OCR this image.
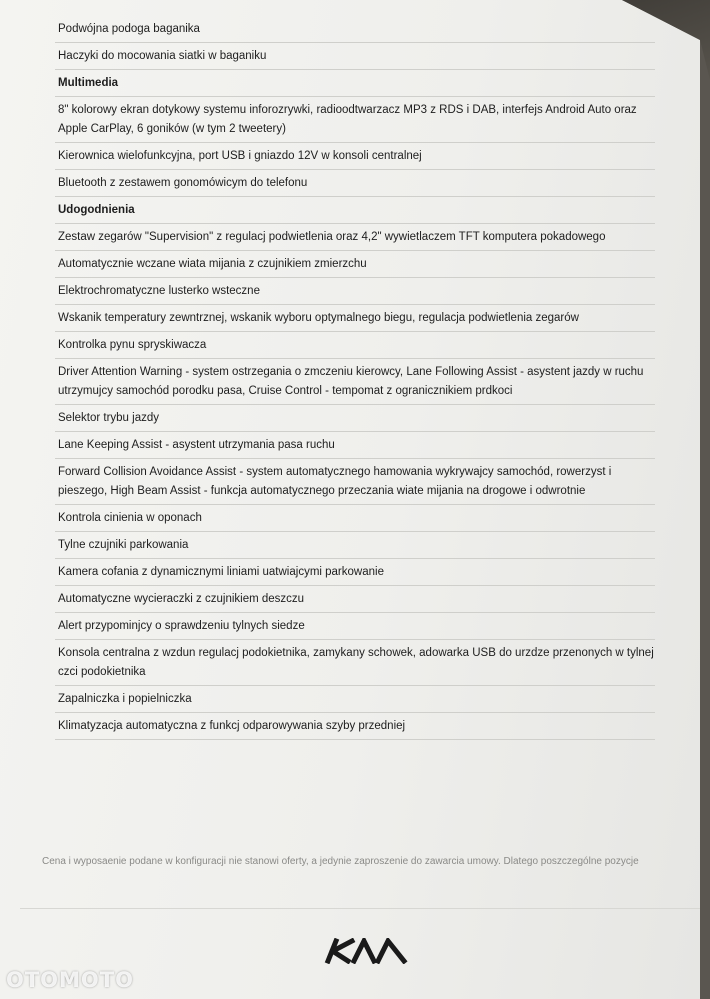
Podwójna podoga baganika
Haczyki do mocowania siatki w baganiku
Multimedia
8" kolorowy ekran dotykowy systemu inforozrywki, radioodtwarzacz MP3 z RDS i DAB, interfejs Android Auto oraz Apple CarPlay, 6 goników (w tym 2 tweetery)
Kierownica wielofunkcyjna, port USB i gniazdo 12V w konsoli centralnej
Bluetooth z zestawem gonomówicym do telefonu
Udogodnienia
Zestaw zegarów "Supervision" z regulacj podwietlenia oraz 4,2" wywietlaczem TFT komputera pokadowego
Automatycznie wczane wiata mijania z czujnikiem zmierzchu
Elektrochromatyczne lusterko wsteczne
Wskanik temperatury zewntrznej, wskanik wyboru optymalnego biegu, regulacja podwietlenia zegarów
Kontrolka pynu spryskiwacza
Driver Attention Warning - system ostrzegania o zmczeniu kierowcy, Lane Following Assist - asystent jazdy w ruchu utrzymujcy samochód porodku pasa, Cruise Control - tempomat z ogranicznikiem prdkoci
Selektor trybu jazdy
Lane Keeping Assist - asystent utrzymania pasa ruchu
Forward Collision Avoidance Assist - system automatycznego hamowania wykrywajcy samochód, rowerzyst i pieszego, High Beam Assist - funkcja automatycznego przeczania wiate mijania na drogowe i odwrotnie
Kontrola cinienia w oponach
Tylne czujniki parkowania
Kamera cofania z dynamicznymi liniami uatwiajcymi parkowanie
Automatyczne wycieraczki z czujnikiem deszczu
Alert przypominjcy o sprawdzeniu tylnych siedze
Konsola centralna z wzdun regulacj podokietnika, zamykany schowek, adowarka USB do urzdze przenonych w tylnej czci podokietnika
Zapalniczka i popielniczka
Klimatyzacja automatyczna z funkcj odparowywania szyby przedniej
Cena i wyposaenie podane w konfiguracji nie stanowi oferty, a jedynie zaproszenie do zawarcia umowy. Dlatego poszczególne pozycje
OTOMOTO
